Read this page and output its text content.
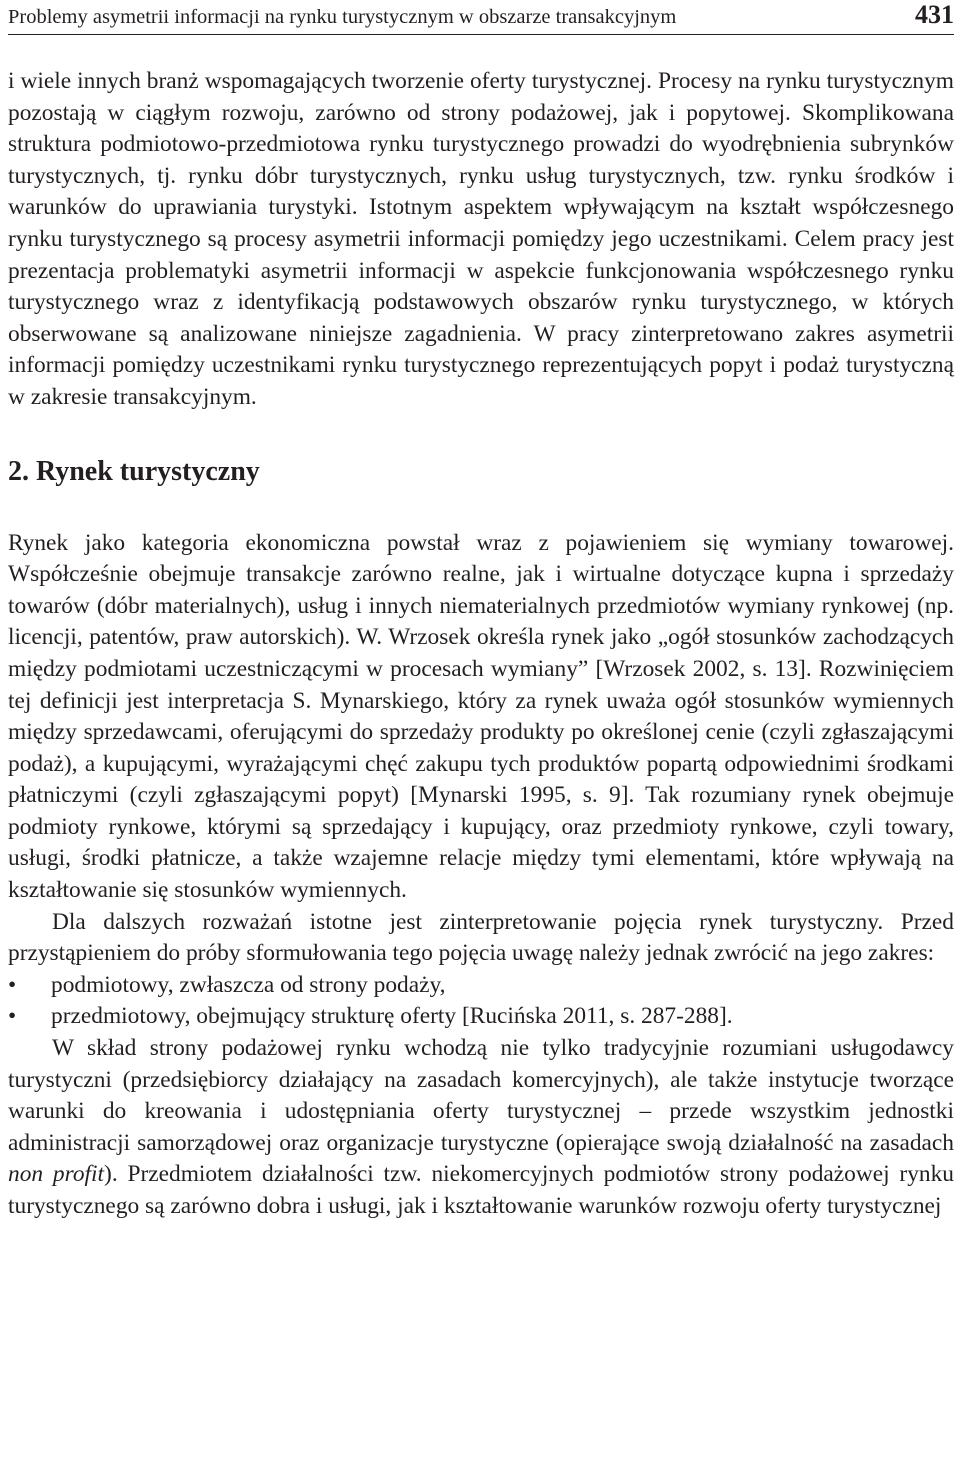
Problemy asymetrii informacji na rynku turystycznym w obszarze transakcyjnym	431

i wiele innych branż wspomagających tworzenie oferty turystycznej. Procesy na rynku turystycznym pozostają w ciągłym rozwoju, zarówno od strony podażowej, jak i popytowej. Skomplikowana struktura podmiotowo-przedmiotowa rynku turystycznego prowadzi do wyodrębnienia subrynków turystycznych, tj. rynku dóbr turystycznych, rynku usług turystycznych, tzw. rynku środków i warunków do uprawiania turystyki. Istotnym aspektem wpływającym na kształt współczesnego rynku turystycznego są procesy asymetrii informacji pomiędzy jego uczestnikami. Celem pracy jest prezentacja problematyki asymetrii informacji w aspekcie funkcjonowania współczesnego rynku turystycznego wraz z identyfikacją podstawowych obszarów rynku turystycznego, w których obserwowane są analizowane niniejsze zagadnienia. W pracy zinterpretowano zakres asymetrii informacji pomiędzy uczestnikami rynku turystycznego reprezentujących popyt i podaż turystyczną w zakresie transakcyjnym.

2. Rynek turystyczny

Rynek jako kategoria ekonomiczna powstał wraz z pojawieniem się wymiany towarowej. Współcześnie obejmuje transakcje zarówno realne, jak i wirtualne dotyczące kupna i sprzedaży towarów (dóbr materialnych), usług i innych niematerialnych przedmiotów wymiany rynkowej (np. licencji, patentów, praw autorskich). W. Wrzosek określa rynek jako „ogół stosunków zachodzących między podmiotami uczestniczącymi w procesach wymiany” [Wrzosek 2002, s. 13]. Rozwinięciem tej definicji jest interpretacja S. Mynarskiego, który za rynek uważa ogół stosunków wymiennych między sprzedawcami, oferującymi do sprzedaży produkty po określonej cenie (czyli zgłaszającymi podaż), a kupującymi, wyrażającymi chęć zakupu tych produktów popartą odpowiednimi środkami płatniczymi (czyli zgłaszającymi popyt) [Mynarski 1995, s. 9]. Tak rozumiany rynek obejmuje podmioty rynkowe, którymi są sprzedający i kupujący, oraz przedmioty rynkowe, czyli towary, usługi, środki płatnicze, a także wzajemne relacje między tymi elementami, które wpływają na kształtowanie się stosunków wymiennych.

Dla dalszych rozważań istotne jest zinterpretowanie pojęcia rynek turystyczny. Przed przystąpieniem do próby sformułowania tego pojęcia uwagę należy jednak zwrócić na jego zakres:

• podmiotowy, zwłaszcza od strony podaży,
• przedmiotowy, obejmujący strukturę oferty [Rucińska 2011, s. 287-288].

W skład strony podażowej rynku wchodzą nie tylko tradycyjnie rozumiani usługodawcy turystyczni (przedsiębiorcy działający na zasadach komercyjnych), ale także instytucje tworzące warunki do kreowania i udostępniania oferty turystycznej – przede wszystkim jednostki administracji samorządowej oraz organizacje turystyczne (opierające swoją działalność na zasadach non profit). Przedmiotem działalności tzw. niekomercyjnych podmiotów strony podażowej rynku turystycznego są zarówno dobra i usługi, jak i kształtowanie warunków rozwoju oferty turystycznej
